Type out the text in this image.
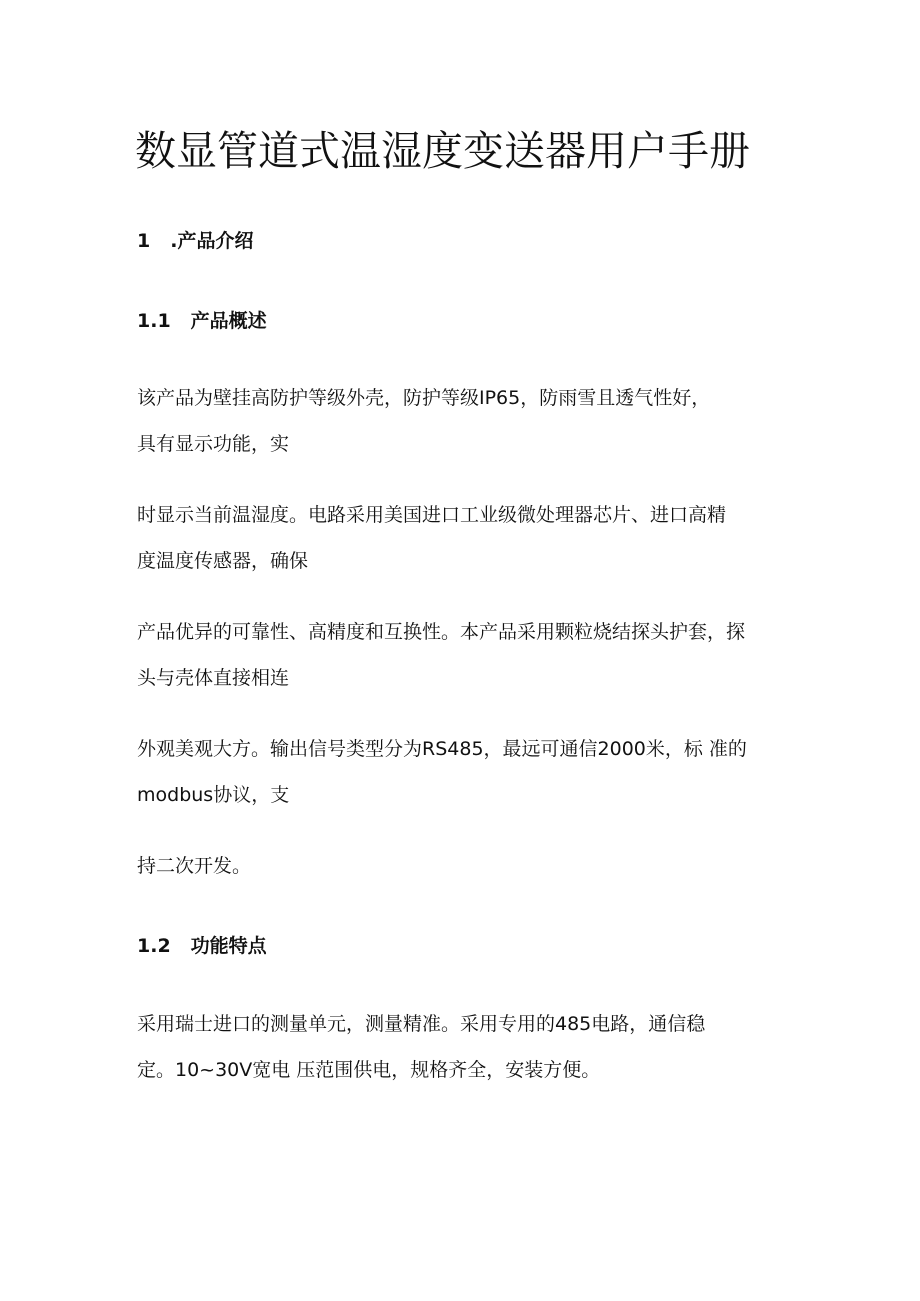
数显管道式温湿度变送器用户手册
1 .产品介绍
1.1 产品概述
该产品为壁挂高防护等级外壳，防护等级IP65，防雨雪且透气性好，
具有显示功能，实
时显示当前温湿度。电路采用美国进口工业级微处理器芯片、进口高精
度温度传感器，确保
产品优异的可靠性、高精度和互换性。本产品采用颗粒烧结探头护套，探
头与壳体直接相连
外观美观大方。输出信号类型分为RS485，最远可通信2000米，标 准的
modbus协议，支
持二次开发。
1.2 功能特点
采用瑞士进口的测量单元，测量精准。采用专用的485电路，通信稳
定。10~30V宽电 压范围供电，规格齐全，安装方便。
